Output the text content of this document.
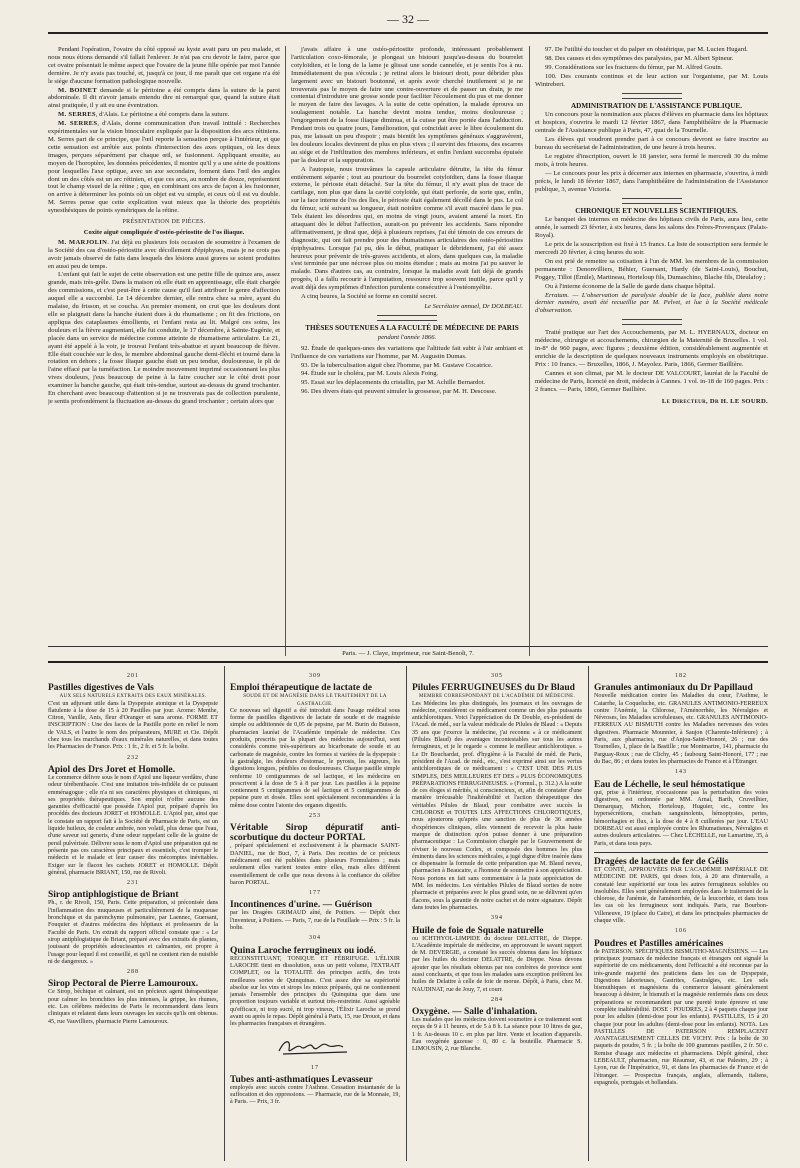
— 32 —

Pendant l'opération, l'ovaire du côté opposé au kyste avait paru un peu malade, et nous nous étions demandé s'il fallait l'enlever. Je n'ai pas cru devoir le faire, parce que cet ovaire présentait le même aspect que l'ovaire de la jeune fille opérée par moi l'année dernière. Je n'y avais pas touché, et, jusqu'à ce jour, il me paraît que cet organe n'a été le siége d'aucune formation pathologique nouvelle.

M. BOINET demande si le péritoine a été compris dans la suture de la paroi abdominale. Il dit n'avoir jamais entendu dire ni remarqué que, quand la suture était ainsi pratiquée, il y ait eu une éventration.

M. SERRES, d'Alais. Le péritoine a été compris dans la suture.

M. SERRES, d'Alais, donne communication d'un travail intitulé : Recherches expérimentales sur la vision binoculaire expliquée par la disposition des arcs rétiniens. M. Serres part de ce principe, que l'œil reporte la sensation perçue à l'intérieur, et que cette sensation est arrêtée aux points d'intersection des axes optiques, où les deux images, perçues séparément par chaque œil, se fusionnent. Appliquant ensuite, au moyen de l'horoptère, les données précédentes, il montre qu'il y a une série de positions pour lesquelles l'axe optique, avec un axe secondaire, forment dans l'œil des angles dont un des côtés est un arc rétinien, et que ces arcs, au nombre de douze, représentent tout le champ visuel de la rétine ; que, en combinant ces arcs de façon à les fusionner, on arrive à déterminer les points où un objet est vu simple, et ceux où il est vu double. M. Serres pense que cette explication vaut mieux que la théorie des propriétés synesthésiques de points symétriques de la rétine.

PRÉSENTATION DE PIÈCES.

Coxite aiguë compliquée d'ostéo-périostite de l'os iliaque.

M. MARJOLIN. J'ai déjà eu plusieurs fois occasion de soumettre à l'examen de la Société des cas d'ostéo-périostite avec décollement d'épiphyses, mais je ne crois pas avoir jamais observé de faits dans lesquels des lésions aussi graves se soient produites en aussi peu de temps.

L'enfant qui fait le sujet de cette observation est une petite fille de quinze ans, assez grande, mais très-grêle. Dans la maison où elle était en apprentissage, elle était chargée des commissions, et c'est peut-être à cette cause qu'il faut attribuer le genre d'affection auquel elle a succombé. Le 14 décembre dernier, elle rentra chez sa mère, ayant du malaise, du frisson, et se coucha. Au premier moment, on crut que les douleurs dont elle se plaignait dans la hanche étaient dues à du rhumatisme ; on fit des frictions, on appliqua des cataplasmes émollients, et l'enfant resta au lit. Malgré ces soins, les douleurs et la fièvre augmentant, elle fut conduite, le 17 décembre, à Sainte-Eugénie, et placée dans un service de médecine comme atteinte de rhumatisme articulaire. Le 21, ayant été appelé à la voir, je trouvai l'enfant très-abattue et ayant beaucoup de fièvre. Elle était couchée sur le dos, le membre abdominal gauche demi-fléchi et tourné dans la rotation en dehors ; la fosse iliaque gauche était un peu tendue, douloureuse, le pli de l'aine effacé par la tuméfaction. Le moindre mouvement imprimé occasionnant les plus vives douleurs, j'eus beaucoup de peine à la faire coucher sur le côté droit pour examiner la hanche gauche, qui était très-tendue, surtout au-dessus du grand trochanter. En cherchant avec beaucoup d'attention si je ne trouverais pas de collection purulente, je sentis profondément la fluctuation au-dessus du grand trochanter ; certain alors que

j'avais affaire à une ostéo-périostite profonde, intéressant probablement l'articulation coxo-fémorale, je plongeai un bistouri jusqu'au-dessus du bourrelet cotyloïdien, et le long de la lame je glissai une sonde cannelée, et je sentis l'os à nu. Immédiatement du pus s'écoula ; je retirai alors le bistouri droit, pour débrider plus largement avec un bistouri boutonné, et après avoir cherché inutilement si je ne trouverais pas le moyen de faire une contre-ouverture et de passer un drain, je me contentai d'introduire une grosse sonde pour faciliter l'écoulement du pus et me donner le moyen de faire des lavages. A la suite de cette opération, la malade éprouva un soulagement notable. La hanche devint moins tendue, moins douloureuse ; l'engorgement de la fosse iliaque diminua, et la cuisse put être portée dans l'adduction. Pendant trois ou quatre jours, l'amélioration, qui coïncidait avec le libre écoulement du pus, me laissait un peu d'espoir ; mais bientôt les symptômes généraux s'aggravèrent, les douleurs locales devinrent de plus en plus vives ; il survint des frissons, des escarres au siége et de l'infiltration des membres inférieurs, et enfin l'enfant succomba épuisée par la douleur et la suppuration.

A l'autopsie, nous trouvâmes la capsule articulaire détruite, la tête du fémur entièrement séparée ; tout au pourtour du bourrelet cotyloïdien, dans la fosse iliaque externe, le périoste était détaché. Sur la tête du fémur, il n'y avait plus de trace de cartilage, non plus que dans la cavité cotyloïde, qui était perforée, de sorte que, enfin, sur la face interne de l'os des îles, le périoste était également décollé dans le pus. Le col du fémur, scié suivant sa longueur, était noirâtre comme s'il avait macéré dans le pus. Tels étaient les désordres qui, en moins de vingt jours, avaient amené la mort. En attaquant dès le début l'affection, aurait-on pu prévenir les accidents. Sans répondre affirmativement, je dirai que, déjà à plusieurs reprises, j'ai été témoin de ces erreurs de diagnostic, qui ont fait prendre pour des rhumatismes articulaires des ostéo-périostites épiphysaires. Lorsque j'ai pu, dès le début, pratiquer le débridement, j'ai été assez heureux pour prévenir de très-graves accidents, et alors, dans quelques cas, la maladie s'est terminée par une nécrose plus ou moins étendue ; mais au moins j'ai pu sauver le malade. Dans d'autres cas, au contraire, lorsque la maladie avait fait déjà de grands progrès, il a fallu recourir à l'amputation, ressource trop souvent inutile, parce qu'il y avait déjà des symptômes d'infection purulente consécutive à l'ostéomyélite.

A cinq heures, la Société se forme en comité secret.

Le Secrétaire annuel, Dr DOLBEAU.

THÈSES SOUTENUES A LA FACULTÉ DE MÉDECINE DE PARIS

pendant l'année 1866.

92. Étude de quelques-unes des variations que l'altitude fait subir à l'air ambiant et l'influence de ces variations sur l'homme, par M. Augustin Dumas.

93. De la tuberculisation aiguë chez l'homme, par M. Gustave Cocatrice.

94. Étude sur le choléra, par M. Louis Alexis Foing.

95. Essai sur les déplacements du cristallin, par M. Achille Bernardot.

96. Des divers états qui peuvent simuler la grossesse, par M. H. Descosse.

97. De l'utilité du toucher et du palper en obstétrique, par M. Lucien Hugard.

98. Des causes et des symptômes des paralysies, par M. Albert Spineur.

99. Considérations sur les fractures du fémur, par M. Alfred Gouin.

100. Des courants continus et de leur action sur l'organisme, par M. Louis Wintrebert.

ADMINISTRATION DE L'ASSISTANCE PUBLIQUE.

Un concours pour la nomination aux places d'élèves en pharmacie dans les hôpitaux et hospices, s'ouvrira le mardi 12 février 1867, dans l'amphithéâtre de la Pharmacie centrale de l'Assistance publique à Paris, 47, quai de la Tournelle.

Les élèves qui voudront prendre part à ce concours devront se faire inscrire au bureau du secrétariat de l'administration, de une heure à trois heures.

Le registre d'inscription, ouvert le 18 janvier, sera fermé le mercredi 30 du même mois, à trois heures.

— Le concours pour les prix à décerner aux internes en pharmacie, s'ouvrira, à midi précis, le lundi 18 février 1867, dans l'amphithéâtre de l'administration de l'Assistance publique, 3, avenue Victoria.

CHRONIQUE ET NOUVELLES SCIENTIFIQUES.

Le banquet des internes en médecine des hôpitaux civils de Paris, aura lieu, cette année, le samedi 23 février, à six heures, dans les salons des Frères-Provençaux (Palais-Royal).

Le prix de la souscription est fixé à 15 francs. La liste de souscription sera fermée le mercredi 20 février, à cinq heures du soir.

On est prié de remettre sa cotisation à l'un de MM. les membres de la commission permanente : Denonvilliers, Béhier, Guersant, Hardy (de Saint-Louis), Bouchut, Poggey, Tillot (Émile), Martineau, Horteloup fils, Dumaschino, Blache fils, Dieulafoy ;

Ou à l'interne économe de la Salle de garde dans chaque hôpital.

Erratum. — L'observation de paralysie double de la face, publiée dans notre dernier numéro, avait été recueillie par M. Pelvet, et lue à la Société médicale d'observation.

Traité pratique sur l'art des Accouchements, par M. L. HYERNAUX, docteur en médecine, chirurgie et accouchements, chirurgien de la Maternité de Bruxelles. 1 vol. in-8° de 960 pages, avec figures ; deuxième édition, considérablement augmentée et enrichie de la description de quelques nouveaux instruments employés en obstétrique. Prix : 10 francs. — Bruxelles, 1866, J. Mayolez. Paris, 1866, Germer Baillière.

Cannes et son climat, par M. le docteur DE VALCOURT, lauréat de la Faculté de médecine de Paris, licencié en droit, médecin à Cannes. 1 vol. in-18 de 160 pages. Prix : 2 francs. — Paris, 1866, Germer Baillière.

Le Directeur, Dr H. LE SOURD.

Paris. — J. Claye, imprimeur, rue Saint-Benoît, 7.
201
Pastilles digestives de Vals
AUX SELS NATURELS EXTRAITS DES EAUX MINÉRALES.

C'est un adjuvant utile dans la Dyspepsie atonique et la Dyspepsie flatulente à la dose de 15 à 20 Pastilles par jour. Arome: Menthe, Citron, Vanille, Anis, fleur d'Oranger et sans arome. FORME ET INSCRIPTION : Une des faces de la Pastille porte en relief le nom de VALS, et l'autre le nom des préparateurs, MURE et Cie. Dépôt chez tous les marchands d'eaux minérales naturelles, et dans toutes les Pharmacies de France. Prix : 1 fr., 2 fr. et 5 fr. la boîte.

232
Apiol des Drs Joret et Homolle.

Le commerce délivre sous le nom d'Apiol une liqueur verdâtre, d'une odeur térébenthacée. C'est une imitation très-infidèle de ce puissant emménagogue ; elle n'a ni ses caractères physiques et chimiques, ni ses propriétés thérapeutiques. Son emploi n'offre aucune des garanties d'efficacité que possède l'Apiol pur, préparé d'après les procédés des docteurs JORET et HOMOLLE. L'Apiol pur, ainsi que le constate un rapport fait à la Société de Pharmacie de Paris, est un liquide huileux, de couleur ambrée, non volatil, plus dense que l'eau, d'une saveur sui generis, d'une odeur rappelant celle de la graine de persil pulvérisée. Délivrer sous le nom d'Apiol une préparation qui ne présente pas ces caractères principaux et essentiels, c'est tromper le médecin et le malade et leur causer des mécomptes inévitables. Exiger sur le flacon les cachets JORET et HOMOLLE. Dépôt général, pharmacie BRIANT, 150, rue de Rivoli.

231
Sirop antiphlogistique de Briant

Ph., r. de Rivoli, 150, Paris. Cette préparation, si préconisée dans l'inflammation des muqueuses et particulièrement de la muqueuse bronchique et du parenchyme pulmonaire, par Laennec, Guersant, Fouquier et d'autres médecins des hôpitaux et professeurs de la Faculté de Paris. Un extrait du rapport officiel constate que : « Le sirop antiphlogistique de Briant, préparé avec des extraits de plantes, jouissant de propriétés adoucissantes et calmantes, est propre à l'usage pour lequel il est conseillé, et qu'il ne contient rien de nuisible ni de dangereux. »

288
Sirop Pectoral de Pierre Lamouroux.

Ce Sirop, béchique et calmant, est un précieux agent thérapeutique pour calmer les bronchites les plus intenses, la grippe, les rhumes, etc. Les célèbres médecins de Paris le recommandent dans leurs cliniques et relatent dans leurs ouvrages les succès qu'ils ont obtenus. 45, rue Vauvilliers, pharmacie Pierre Lamouroux.

309
Emploi thérapeutique de lactate de
SOUDE ET DE MAGNÉSIE DANS LE TRAITEMENT DE LA GASTRALGIE.

Ce nouveau sel digestif a été introduit dans l'usage médical sous forme de pastilles digestives de lactate de soude et de magnésie simple ou additionnée de 0,05 de pepsine, par M. Burin du Buisson, pharmacien lauréat de l'Académie impériale de médecine. Ces produits, prescrits par la plupart des médecins aujourd'hui, sont considérés comme très-supérieurs au bicarbonate de soude et au carbonate de magnésie, contre les formes si variées de la dyspepsie : la gastralgie, les douleurs d'estomac, le pyrosis, les aigreurs, les digestions longues, pénibles ou douloureuses. Chaque pastille simple renferme 10 centigrammes de sel lactique, et les médecins en prescrivent à la dose de 5 à 8 par jour. Les pastilles à la pepsine contiennent 5 centigrammes de sel lactique et 5 centigrammes de pepsine pure et dosée. Elles sont spécialement recommandées à la même dose contre l'atonie des organes digestifs.

253
Véritable Sirop dépuratif anti-scorbutique du docteur PORTAL

, préparé spécialement et exclusivement à la pharmacie SAINT-DANIEL, rue de Buci, 7, à Paris. Des recettes de ce précieux médicament ont été publiées dans plusieurs Formulaires ; mais seulement elles varient toutes entre elles, mais elles diffèrent essentiellement de celle que nous devons à la confiance du célèbre baron PORTAL.

177
Incontinences d'urine. — Guérison

par les Dragées GRIMAUD aîné, de Poitiers. — Dépôt chez l'inventeur, à Poitiers. — Paris, 7, rue de la Feuillade — Prix : 5 fr. la boîte.

304
Quina Laroche ferrugineux ou iodé.

RECONSTITUANT, TONIQUE ET FÉBRIFUGE. L'ÉLIXIR LAROCHE tient en dissolution, sous un petit volume, l'EXTRAIT COMPLET, ou la TOTALITÉ des principes actifs, des trois meilleures sortes de Quinquinas. C'est assez dire sa supériorité absolue sur les vins et sirops les mieux préparés, qui ne contiennent jamais l'ensemble des principes du Quinquina que dans une proportion toujours variable et surtout très-restreinte. Aussi agréable qu'efficace, ni trop sucré, ni trop vineux, l'Élixir Laroche se prend avant ou après le repas. Dépôt général à Paris, 15, rue Drouot, et dans les pharmacies françaises et étrangères.

17
Tubes anti-asthmatiques Levasseur

employés avec succès contre l'Asthme. Cessation instantanée de la suffocation et des oppressions. — Pharmacie, rue de la Monnaie, 19, à Paris. — Prix, 3 fr.

305
Pilules FERRUGINEUSES du Dr Blaud
MEMBRE CORRESPONDANT DE L'ACADÉMIE DE MÉDECINE.

Les Médecins les plus distingués, les journaux et les ouvrages de médecine, considèrent ce médicament comme un des plus puissants antichlorotiques. Voici l'appréciation du Dr Double, ex-président de l'Acad. de méd., sur la valeur médicale de Pilules de Blaud : « Depuis 35 ans que j'exerce la médecine, j'ai reconnu « à ce médicament (Pilules Blaud) des avantages incontestables sur tous les autres ferrugineux, et je le regarde « comme le meilleur antichlorotique. » Le Dr Bouchardat, prof. d'hygiène à la Faculté de méd. de Paris, président de l'Acad. de méd., etc., s'est exprimé ainsi sur les vertus antichlorotiques de ce médicament : « C'EST UNE DES PLUS SIMPLES, DES MEILLEURES ET DES « PLUS ÉCONOMIQUES PRÉPARATIONS FERRUGINEUSES. » (Formul., p. 312.) A la suite de ces éloges si mérités, si consciencieux, et, afin de constater d'une manière irrécusable l'inaltérabilité et l'action thérapeutique des véritables Pilules de Blaud, pour combattre avec succès la CHLOROSE et TOUTES LES AFFECTIONS CHLOROTIQUES, nous ajouterons qu'après une sanction de plus de 36 années d'expériences cliniques, elles viennent de recevoir la plus haute marque de distinction qu'on puisse donner à une préparation pharmaceutique : La Commission chargée par le Gouvernement de réviser le nouveau Codex, et composée des hommes les plus éminents dans les sciences médicales, a jugé digne d'être insérée dans ce dispensaire la formule de cette préparation que M. Blaud neveu, pharmacien à Beaucaire, a l'honneur de soumettre à son appréciation. Nous portons en fait sans commentaire à la juste appréciation de MM. les médecins. Les véritables Pilules de Blaud sorties de notre pharmacie et préparées avec le plus grand soin, ne se délivrent qu'en flacons, sous la garantie de notre cachet et de notre signature. Dépôt dans toutes les pharmacies.

394
Huile de foie de Squale naturelle

ou ICHTHYOL-LIMPIDE du docteur DELATTRE, de Dieppe. L'Académie impériale de médecine, en approuvant le savant rapport de M. DEVERGIE, a constaté les succès obtenus dans les hôpitaux par les huiles du docteur DELATTRE, de Dieppe. Nous devons ajouter que les résultats obtenus par nos confrères de province sont aussi concluants, et que tous les malades sans exception préfèrent les huiles de Delattre à celle de foie de morue. Dépôt, à Paris, chez M. NAUDINAT, rue de Jouy, 7, et courr.

284
Oxygène. — Salle d'inhalation.

Les malades que les médecins doivent soumettre à ce traitement sont reçus de 9 à 11 heures, et de 5 à 8 h. La séance pour 10 litres de gaz, 1 fr. Au-dessus 10 c. en plus par litre. Vente et location d'appareils. Eau oxygénée gazeuse : 0, 80 c. la bouteille. Pharmacie S. LIMOUSIN, 2, rue Blanche.

182
Granules antimoniaux du Dr Papillaud

Nouvelle médication contre les Maladies du cœur, l'Asthme, le Catarrhe, la Coqueluche, etc. GRANULES ANTIMONIO-FERREUX contre l'Anémie, la Chlorose, l'Aménorrhée, les Névralgies et Névroses, les Maladies scrofuleuses, etc. GRANULES ANTIMONIO-FERREUX AU BISMUTH contre les Maladies nerveuses des voies digestives. Pharmacie Mounnier, à Saujon (Charente-Inférieure) ; à Paris, aux pharmacies, rue d'Anjou-Saint-Honoré, 26 ; rue des Tournelles, 1, place de la Bastille ; rue Montmartre, 141, pharmacie du Parguay-Roux ; rue de Clichy, 45 ; faubourg Saint-Honoré, 177 ; rue du Bac, 86 ; et dans toutes les pharmacies de France et à l'Étranger.

143
Eau de Léchelle, le seul hémostatique

qui, prise à l'intérieur, n'occasionne pas la perturbation des voies digestives, est ordonnée par MM. Arnal, Barth, Cruveilhier, Demarquay, Michon, Horteloup, Huguier, etc., contre les hypersécrétions, crachats sanguinolents, hémoptysies, pertes, hémorrhagies et flux, à la dose de 4 à 8 cuillerées par jour. L'EAU DORBEAU est aussi employée contre les Rhumatismes, Névralgies et autres douleurs articulaires. — Chez LÉCHELLE, rue Lamartine, 35, à Paris, et dans tous pays.

Dragées de lactate de fer de Gélis

ET CONTÉ, APPROUVÉES PAR L'ACADÉMIE IMPÉRIALE DE MÉDECINE DE PARIS, qui doses fois, à 20 ans d'intervalle, a constaté leur supériorité sur tous les autres ferrugineux solubles ou insolubles. Elles sont généralement employées dans le traitement de la chlorose, de l'anémie, de l'aménorrhée, de la leucorrhée, et dans tous les cas où les ferrugineux sont indiqués. Paris, rue Bourbon-Villeneuve, 19 (place du Caire), et dans les principales pharmacies de chaque ville.

106
Poudres et Pastilles américaines

de PATERSON. SPÉCIFIQUES BISMUTHO-MAGNÉSIENS. — Les principaux journaux de médecine français et étrangers ont signalé la supériorité de ces médicaments, dont l'efficacité a été reconnue par la très-grande majorité des praticiens dans les cas de Dyspepsie, Digestions laborieuses, Gastrites, Gastralgies, etc. Les sels bismuthiques et magnésiens du commerce laissant généralement beaucoup à désirer, le bismuth et la magnésie renfermés dans ces deux préparations se recommandent par une pureté toute épreuve et une complète inaltérabilité. DOSE : POUDRES, 2 à 4 paquets chaque jour pour les adultes (demi-dose pour les enfants). PASTILLES, 15 à 20 chaque jour pour les adultes (demi-dose pour les enfants). NOTA. Les PASTILLES DE PATERSON REMPLACENT AVANTAGEUSEMENT CELLES DE VICHY. Prix : la boîte de 30 paquets de poudre, 5 fr. ; la boîte de 100 grammes pastilles, 2 fr. 50 c. Remise d'usage aux médecins et pharmaciens. Dépôt général, chez LEBEAULT, pharmacien, rue Réaumur, 43, et rue Palestro, 29 ; à Lyon, rue de l'Impératrice, 91, et dans les pharmacies de France et de l'étranger. — Prospectus français, anglais, allemands, italiens, espagnols, portugais et hollandais.
